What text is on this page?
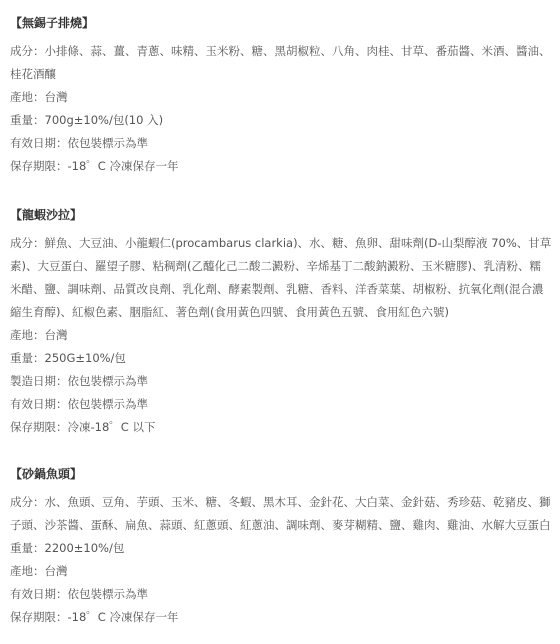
【無錫子排燒】
成分：小排條、蒜、薑、青蔥、味精、玉米粉、糖、黑胡椒粒、八角、肉桂、甘草、番茄醬、米酒、醬油、桂花酒釀
產地：台灣
重量：700g±10%/包(10 入)
有效日期：依包裝標示為準
保存期限：-18゜C 冷凍保存一年
【龍蝦沙拉】
成分：鮮魚、大豆油、小龍蝦仁(procambarus clarkia)、水、糖、魚卵、甜味劑(D-山梨醇液 70%、甘草素)、大豆蛋白、羅望子膠、粘稠劑(乙醯化己二酸二澱粉、辛烯基丁二酸鈉澱粉、玉米糖膠)、乳清粉、糯米醋、鹽、調味劑、品質改良劑、乳化劑、酵素製劑、乳糖、香料、洋香菜葉、胡椒粉、抗氧化劑(混合濃縮生育醇)、紅椒色素、胭脂紅、著色劑(食用黃色四號、食用黃色五號、食用紅色六號)
產地：台灣
重量：250G±10%/包
製造日期：依包裝標示為準
有效日期：依包裝標示為準
保存期限：冷凍-18゜C 以下
【砂鍋魚頭】
成分：水、魚頭、豆角、芋頭、玉米、糖、冬蝦、黑木耳、金針花、大白菜、金針菇、秀珍菇、乾豬皮、獅子頭、沙茶醬、蛋酥、扁魚、蒜頭、紅蔥頭、紅蔥油、調味劑、麥芽糊精、鹽、雞肉、雞油、水解大豆蛋白
重量：2200±10%/包
產地：台灣
有效日期：依包裝標示為準
保存期限：-18゜C 冷凍保存一年
